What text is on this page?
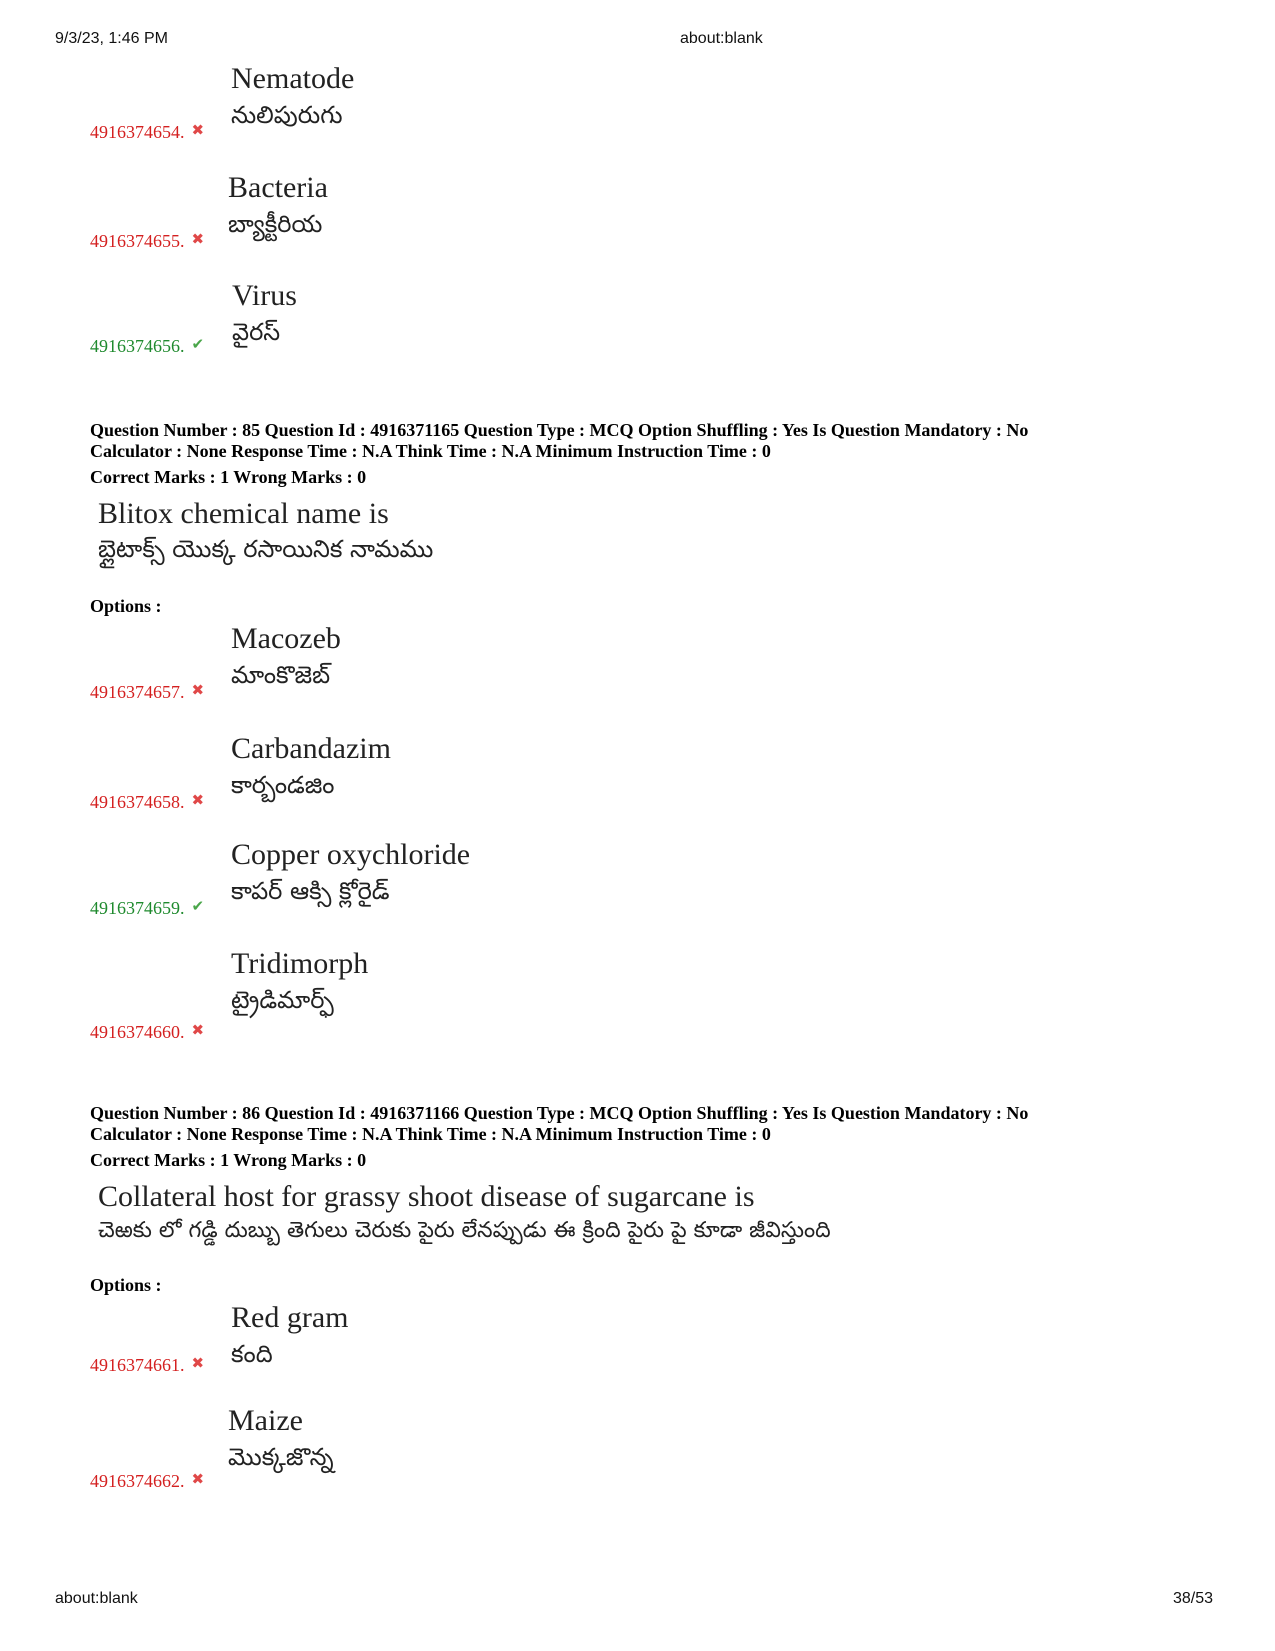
9/3/23, 1:46 PM	about:blank
Nematode
నులిపురుగు
4916374654. ✖
Bacteria
బ్యాక్టీరియ
4916374655. ✖
Virus
వైరస్
4916374656. ✔
Question Number : 85 Question Id : 4916371165 Question Type : MCQ Option Shuffling : Yes Is Question Mandatory : No
Calculator : None Response Time : N.A Think Time : N.A Minimum Instruction Time : 0
Correct Marks : 1 Wrong Marks : 0
Blitox chemical name is
బ్లైటాక్స్ యొక్క రసాయినిక నామము
Options :
Macozeb
మాంకొజెబ్
4916374657. ✖
Carbandazim
కార్బండజిం
4916374658. ✖
Copper oxychloride
కాపర్ ఆక్సి క్లోరైడ్
4916374659. ✔
Tridimorph
ట్రైడిమార్ఫ్
4916374660. ✖
Question Number : 86 Question Id : 4916371166 Question Type : MCQ Option Shuffling : Yes Is Question Mandatory : No
Calculator : None Response Time : N.A Think Time : N.A Minimum Instruction Time : 0
Correct Marks : 1 Wrong Marks : 0
Collateral host for grassy shoot disease of sugarcane is
చెఱకు లో గడ్డి దుబ్బు తెగులు చెరుకు పైరు లేనప్పుడు ఈ క్రింది పైరు పై కూడా జీవిస్తుంది
Options :
Red gram
కంది
4916374661. ✖
Maize
మొక్కజొన్న
4916374662. ✖
about:blank	38/53
